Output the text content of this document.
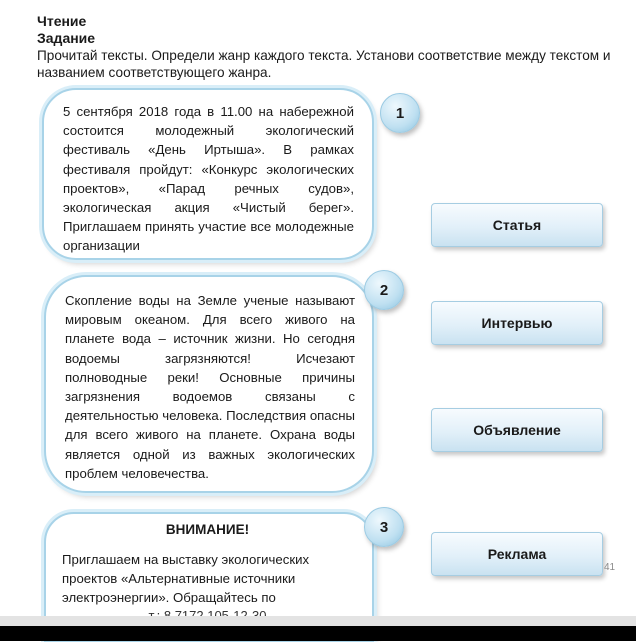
Чтение
Задание
Прочитай тексты. Определи жанр каждого текста. Установи соответствие между текстом и названием соответствующего жанра.

5 сентября 2018 года в 11.00 на набережной состоится молодежный экологический фестиваль «День Иртыша». В рамках фестиваля пройдут: «Конкурс экологических проектов», «Парад речных судов», экологическая акция «Чистый берег». Приглашаем принять участие все молодежные организации

1

Скопление воды на Земле ученые называют мировым океаном. Для всего живого на планете вода – источник жизни. Но сегодня водоемы загрязняются! Исчезают полноводные реки! Основные причины загрязнения водоемов связаны с деятельностью человека. Последствия опасны для всего живого на планете. Охрана воды является одной из важных экологических проблем человечества.

2
ВНИМАНИЕ!

Приглашаем на выставку экологических проектов «Альтернативные источники электроэнергии». Обращайтесь по

3
Статья
Интервью
Объявление
Реклама
41
